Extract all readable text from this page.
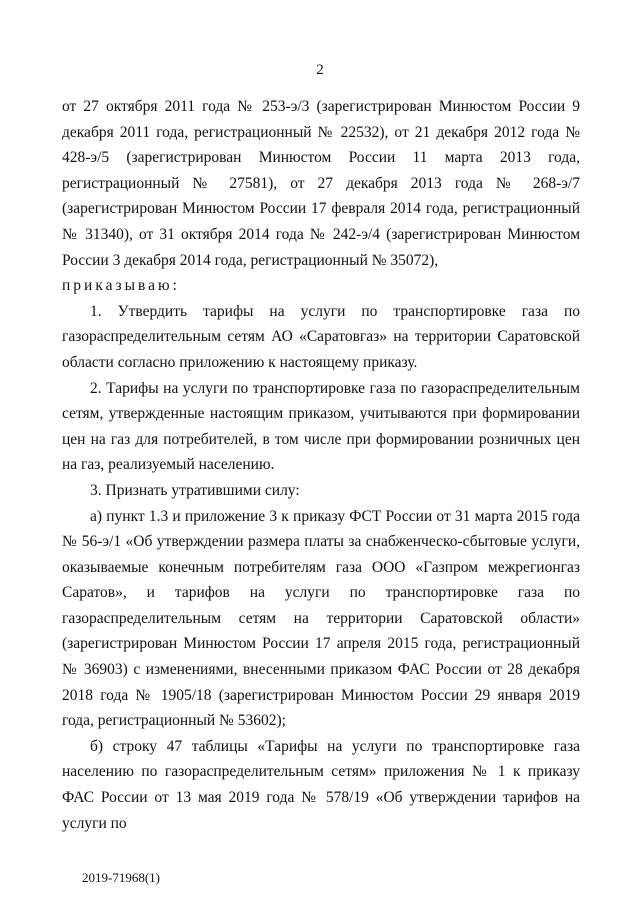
2

от 27 октября 2011 года № 253-э/3 (зарегистрирован Минюстом России 9 декабря 2011 года, регистрационный № 22532), от 21 декабря 2012 года № 428-э/5 (зарегистрирован Минюстом России 11 марта 2013 года, регистрационный № 27581), от 27 декабря 2013 года № 268-э/7 (зарегистрирован Минюстом России 17 февраля 2014 года, регистрационный № 31340), от 31 октября 2014 года № 242-э/4 (зарегистрирован Минюстом России 3 декабря 2014 года, регистрационный № 35072),

приказываю:

1. Утвердить тарифы на услуги по транспортировке газа по газораспределительным сетям АО «Саратовгаз» на территории Саратовской области согласно приложению к настоящему приказу.

2. Тарифы на услуги по транспортировке газа по газораспределительным сетям, утвержденные настоящим приказом, учитываются при формировании цен на газ для потребителей, в том числе при формировании розничных цен на газ, реализуемый населению.

3. Признать утратившими силу:

а) пункт 1.3 и приложение 3 к приказу ФСТ России от 31 марта 2015 года № 56-э/1 «Об утверждении размера платы за снабженческо-сбытовые услуги, оказываемые конечным потребителям газа ООО «Газпром межрегионгаз Саратов», и тарифов на услуги по транспортировке газа по газораспределительным сетям на территории Саратовской области» (зарегистрирован Минюстом России 17 апреля 2015 года, регистрационный № 36903) с изменениями, внесенными приказом ФАС России от 28 декабря 2018 года № 1905/18 (зарегистрирован Минюстом России 29 января 2019 года, регистрационный № 53602);

б) строку 47 таблицы «Тарифы на услуги по транспортировке газа населению по газораспределительным сетям» приложения № 1 к приказу ФАС России от 13 мая 2019 года № 578/19 «Об утверждении тарифов на услуги по

2019-71968(1)
